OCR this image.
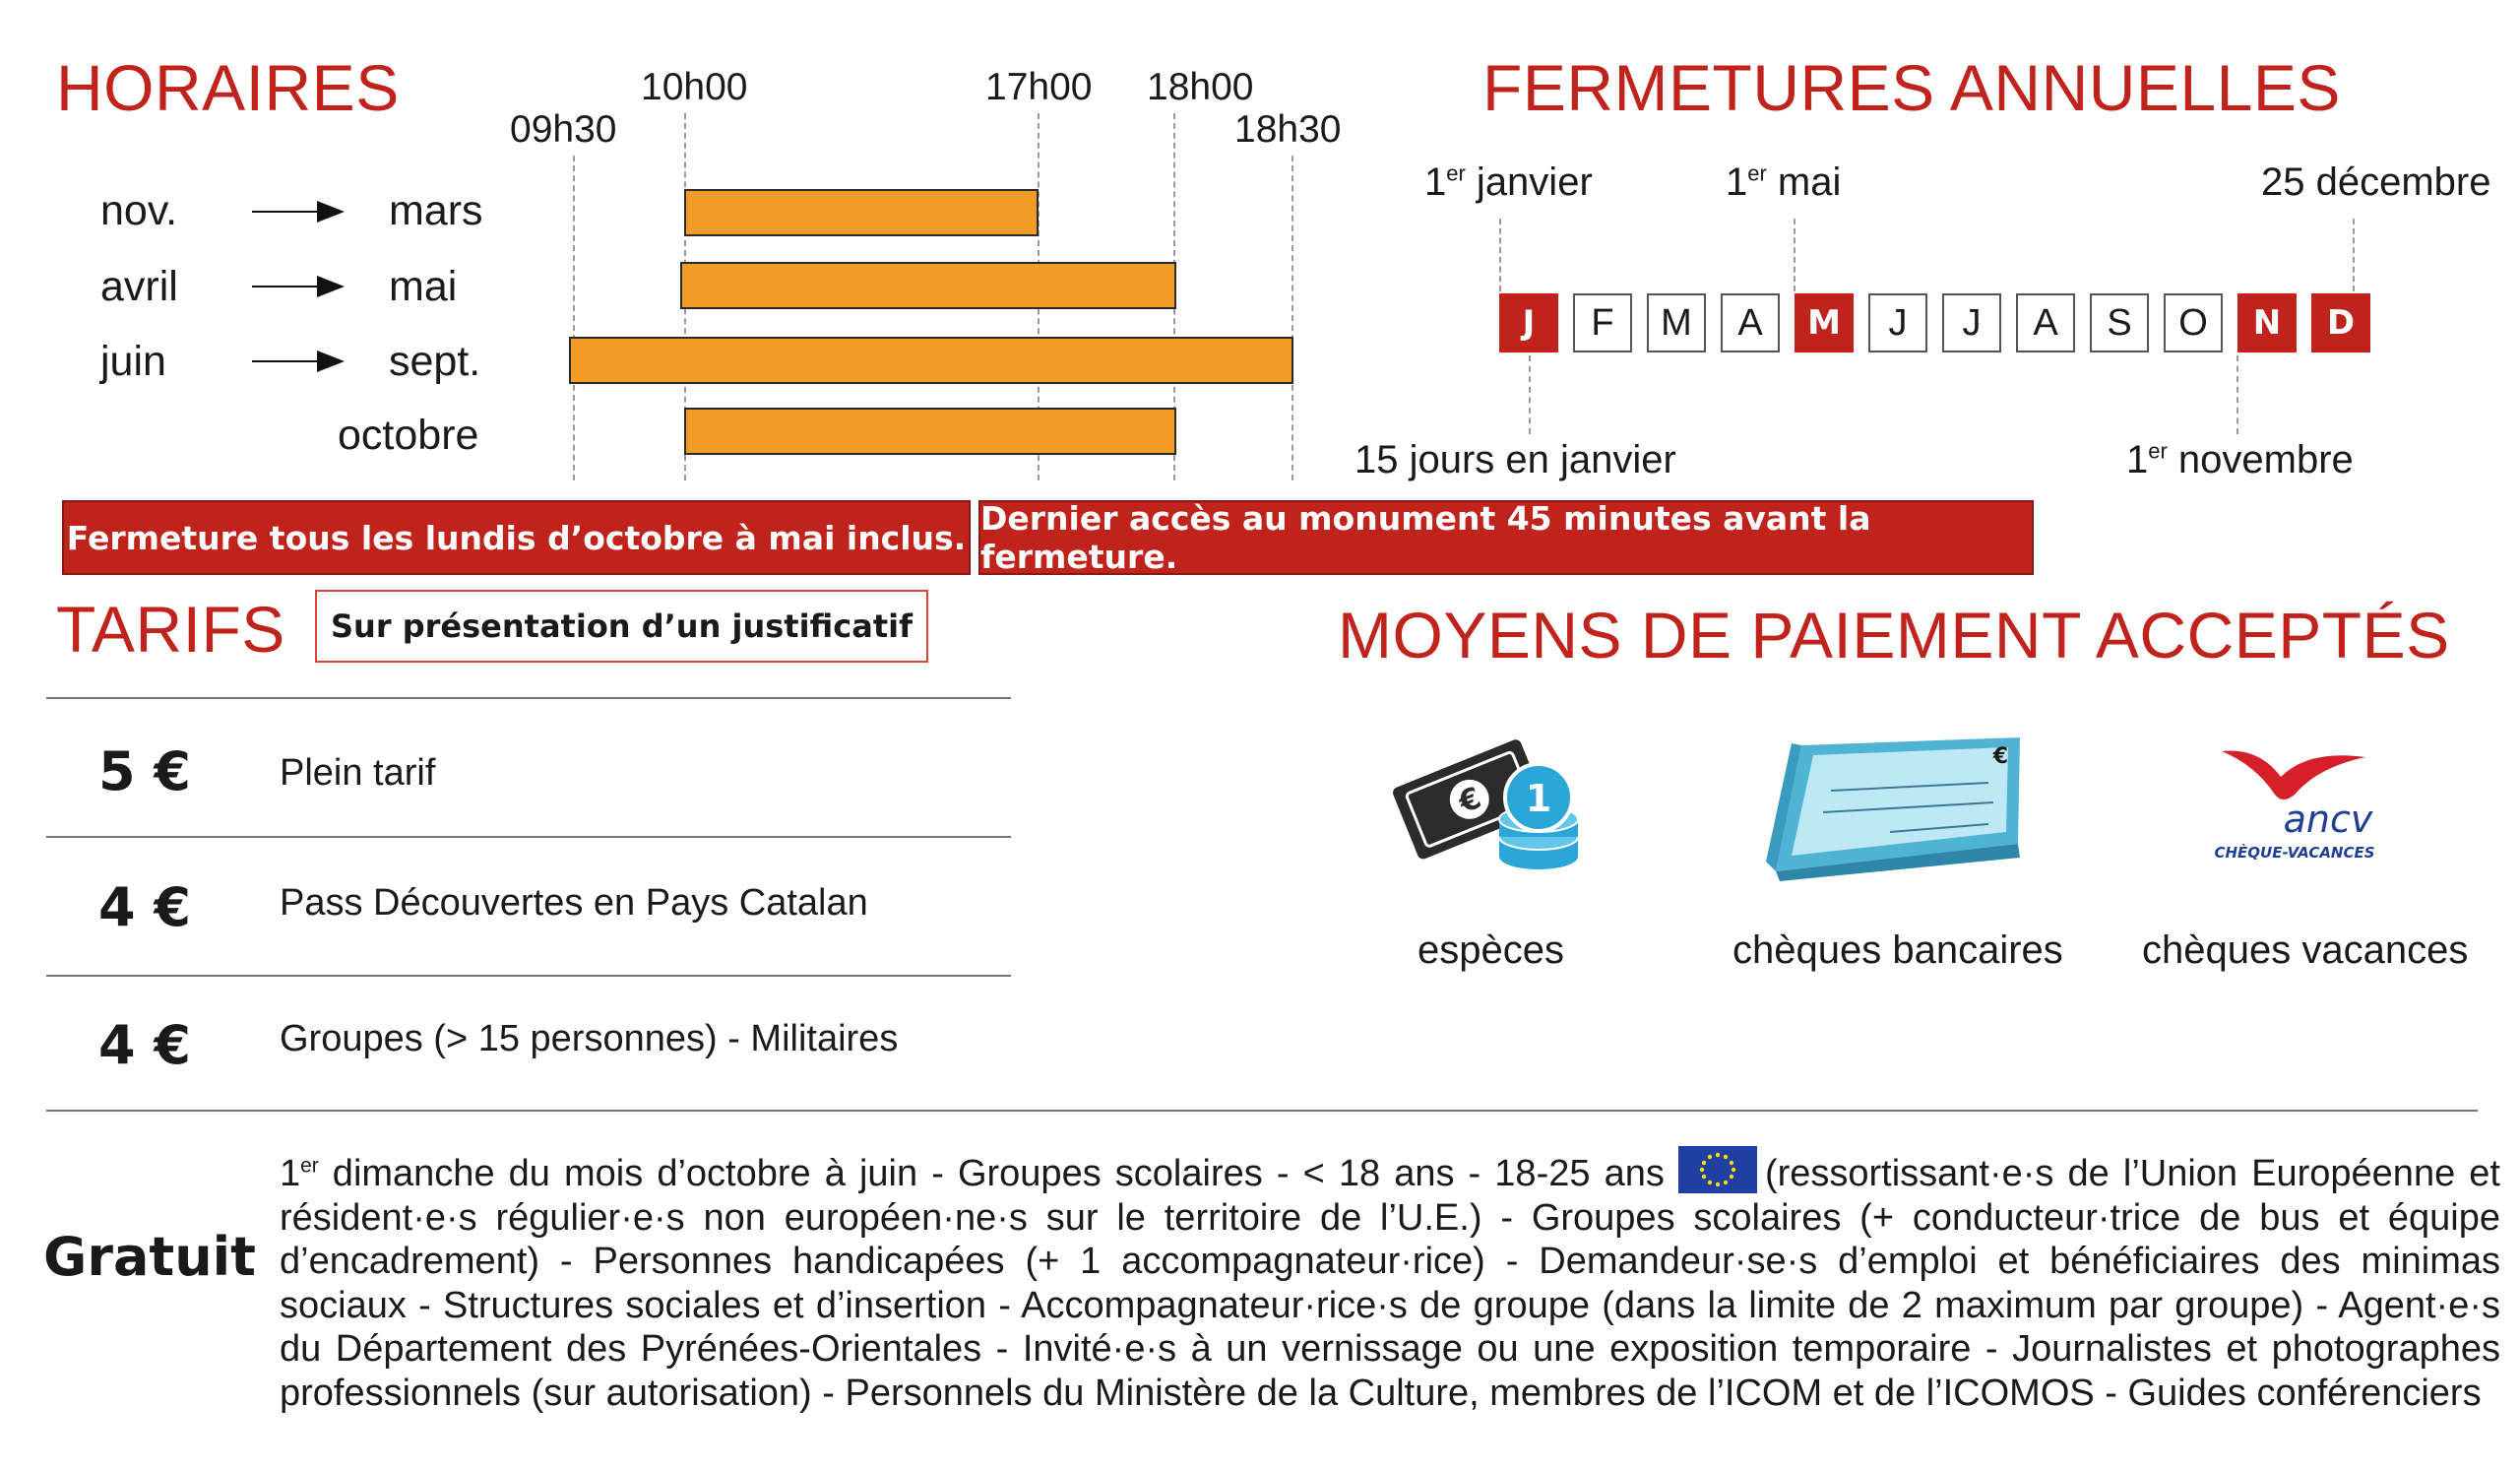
HORAIRES
09h30
10h00	17h00 18h00
18h30
nov.	mars
avril	mai
juin	sept.
octobre
FERMETURES ANNUELLES
1er janvier	1er mai	25 décembre
J	F	M	A	M	J	J	A	S	O	N	D
15 jours en janvier	1er novembre
Fermeture tous les lundis d’octobre à mai inclus. Dernier accès au monument 45 minutes avant la fermeture.
TARIFS	Sur présentation d’un justificatif
5 € Plein tarif
4 € Pass Découvertes en Pays Catalan
4 € Groupes (> 15 personnes) - Militaires
Gratuit
1er dimanche du mois d’octobre à juin - Groupes scolaires - < 18 ans - 18-25 ans
(ressortissant·e·s de l’Union Européenne et résident·e·s régulier·e·s non européen·ne·s sur le territoire de l’U.E.) - Groupes scolaires (+ conducteur·trice de bus et équipe d’encadrement) - Personnes handicapées (+ 1 accompagnateur·rice) - Demandeur·se·s d’emploi et bénéficiaires des minimas sociaux - Structures sociales et d’insertion - Accompagnateur·rice·s de groupe (dans la limite de 2 maximum par groupe) - Agent·e·s du Département des Pyrénées-Orientales - Invité·e·s à un vernissage ou une exposition temporaire - Journalistes et photographes professionnels (sur autorisation) - Personnels du Ministère de la Culture, membres de l’ICOM et de l’ICOMOS - Guides conférenciers
MOYENS DE PAIEMENT ACCEPTÉS
€ 1
espèces
€
chèques bancaires
ancv
CHÈQUE-VACANCES
chèques vacances
